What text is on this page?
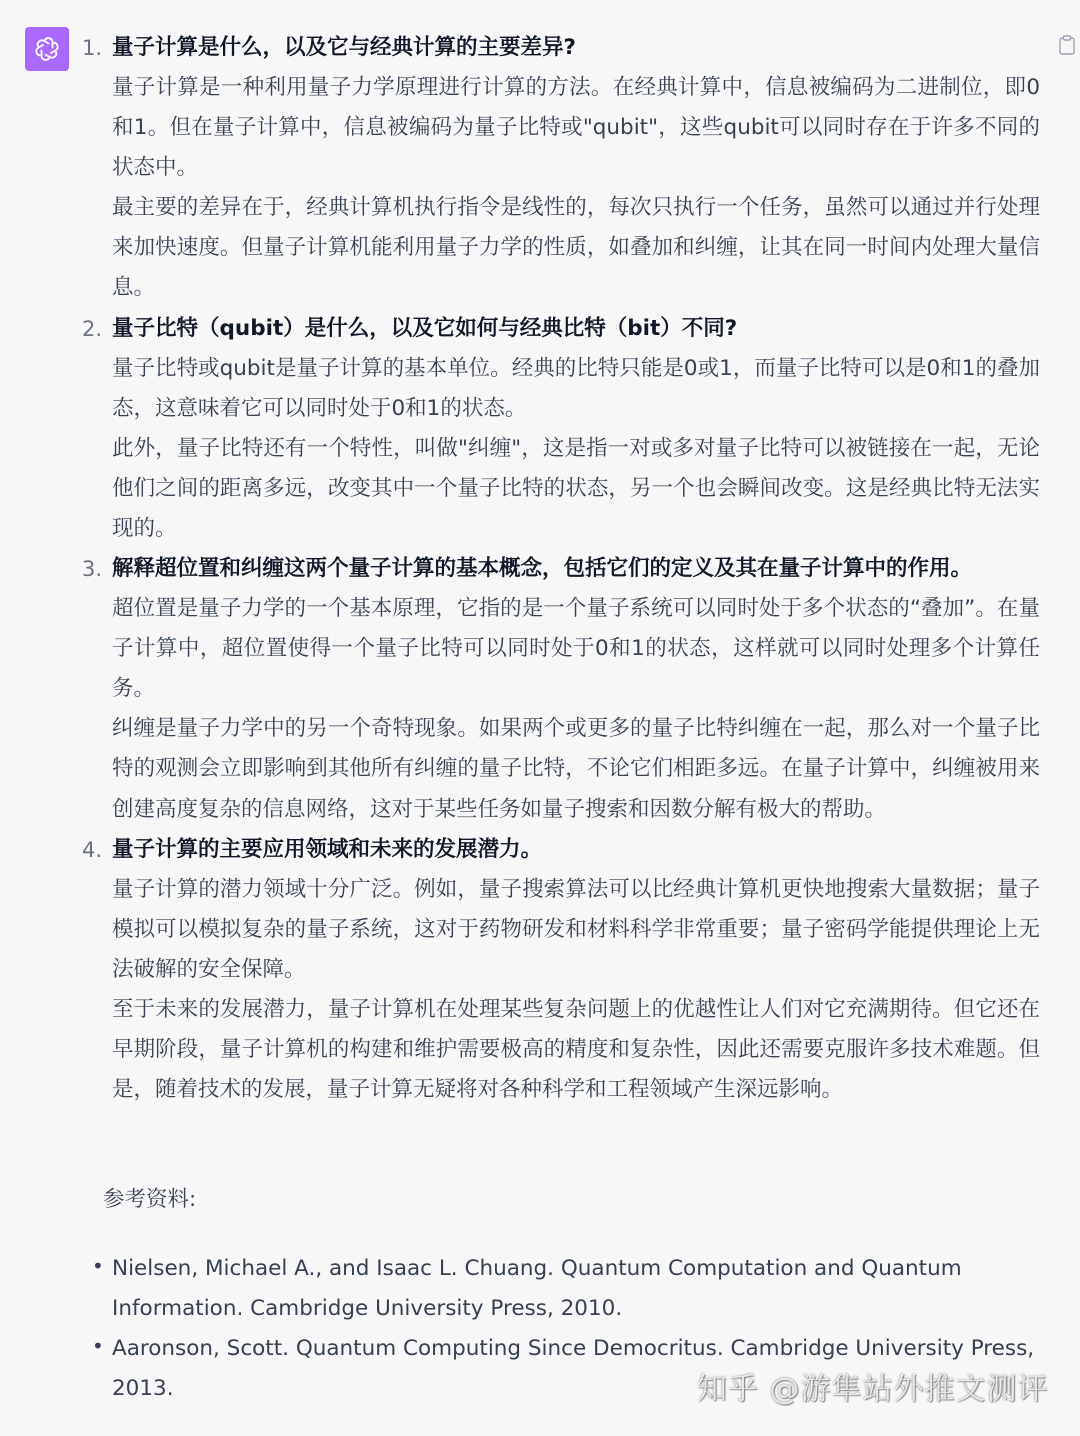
1. 量子计算是什么，以及它与经典计算的主要差异?
量子计算是一种利用量子力学原理进行计算的方法。在经典计算中，信息被编码为二进制位，即0和1。但在量子计算中，信息被编码为量子比特或"qubit"，这些qubit可以同时存在于许多不同的状态中。
最主要的差异在于，经典计算机执行指令是线性的，每次只执行一个任务，虽然可以通过并行处理来加快速度。但量子计算机能利用量子力学的性质，如叠加和纠缠，让其在同一时间内处理大量信息。
2. 量子比特（qubit）是什么，以及它如何与经典比特（bit）不同?
量子比特或qubit是量子计算的基本单位。经典的比特只能是0或1，而量子比特可以是0和1的叠加态，这意味着它可以同时处于0和1的状态。
此外，量子比特还有一个特性，叫做"纠缠"，这是指一对或多对量子比特可以被链接在一起，无论他们之间的距离多远，改变其中一个量子比特的状态，另一个也会瞬间改变。这是经典比特无法实现的。
3. 解释超位置和纠缠这两个量子计算的基本概念，包括它们的定义及其在量子计算中的作用。
超位置是量子力学的一个基本原理，它指的是一个量子系统可以同时处于多个状态的“叠加”。在量子计算中，超位置使得一个量子比特可以同时处于0和1的状态，这样就可以同时处理多个计算任务。
纠缠是量子力学中的另一个奇特现象。如果两个或更多的量子比特纠缠在一起，那么对一个量子比特的观测会立即影响到其他所有纠缠的量子比特，不论它们相距多远。在量子计算中，纠缠被用来创建高度复杂的信息网络，这对于某些任务如量子搜索和因数分解有极大的帮助。
4. 量子计算的主要应用领域和未来的发展潜力。
量子计算的潜力领域十分广泛。例如，量子搜索算法可以比经典计算机更快地搜索大量数据；量子模拟可以模拟复杂的量子系统，这对于药物研发和材料科学非常重要；量子密码学能提供理论上无法破解的安全保障。
至于未来的发展潜力，量子计算机在处理某些复杂问题上的优越性让人们对它充满期待。但它还在早期阶段，量子计算机的构建和维护需要极高的精度和复杂性，因此还需要克服许多技术难题。但是，随着技术的发展，量子计算无疑将对各种科学和工程领域产生深远影响。
参考资料:
• Nielsen, Michael A., and Isaac L. Chuang. Quantum Computation and Quantum Information. Cambridge University Press, 2010.
• Aaronson, Scott. Quantum Computing Since Democritus. Cambridge University Press, 2013.	知乎 @游隼站外推文测评
